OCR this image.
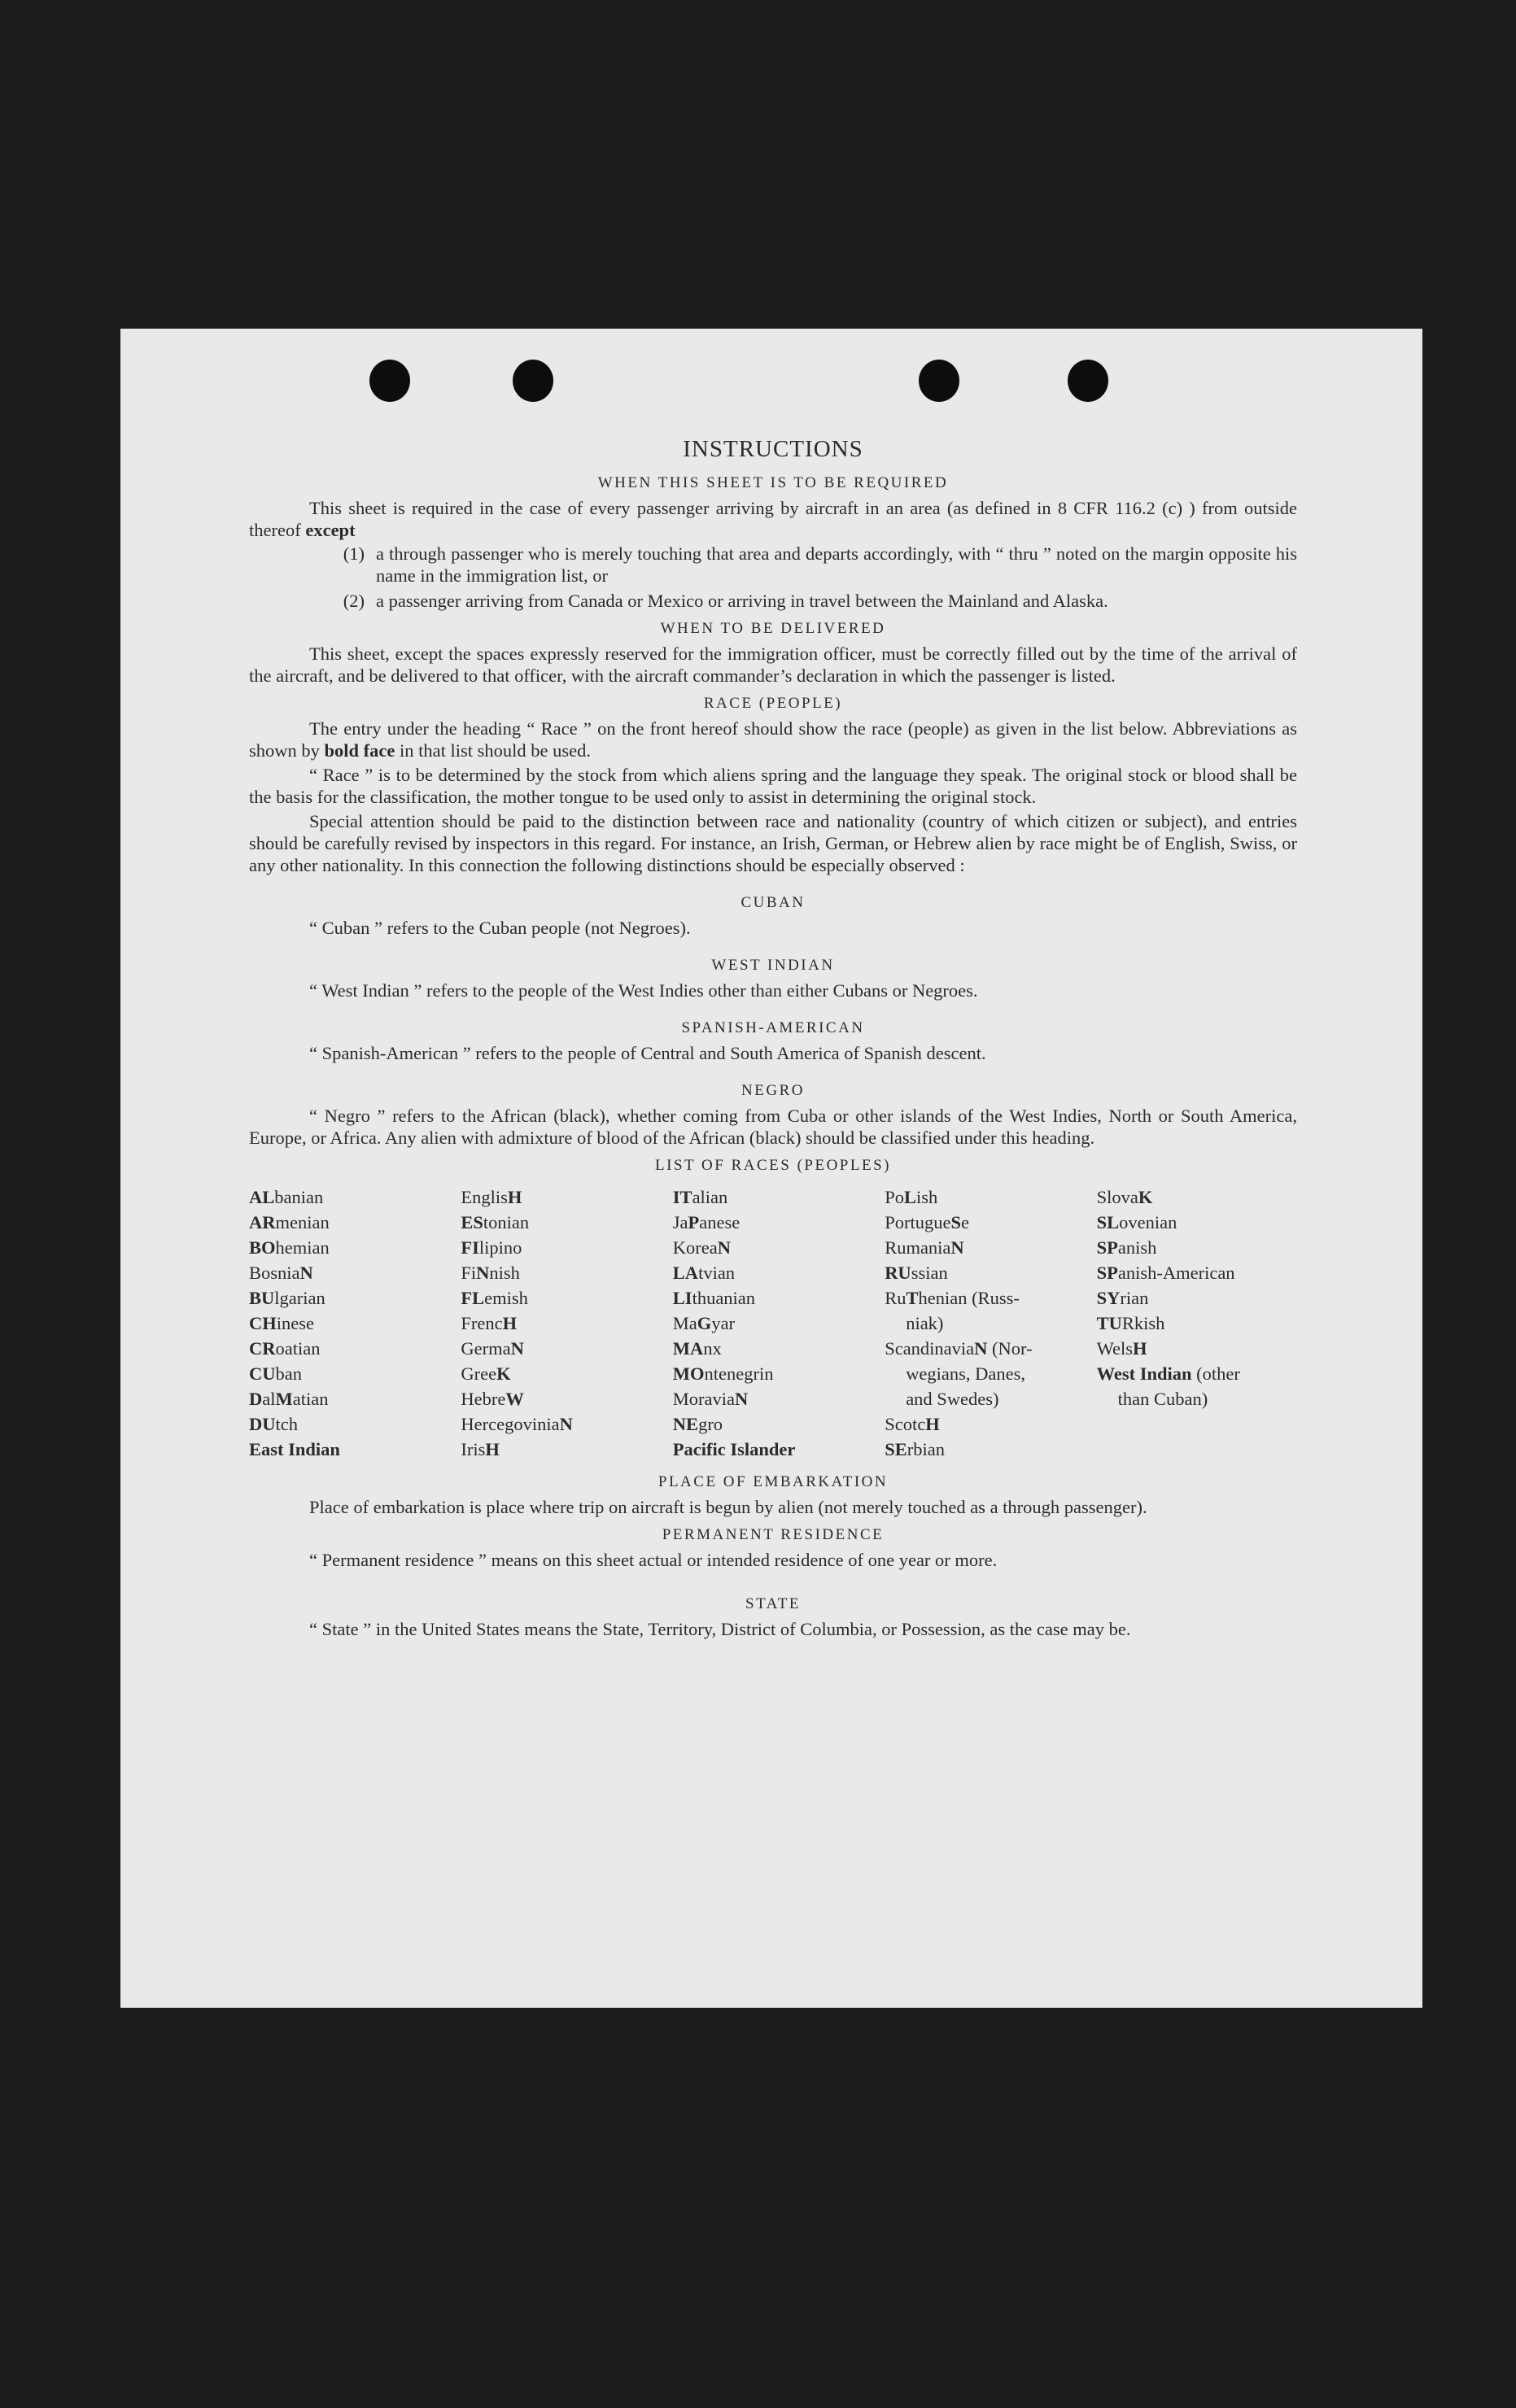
INSTRUCTIONS
WHEN THIS SHEET IS TO BE REQUIRED

This sheet is required in the case of every passenger arriving by aircraft in an area (as defined in 8 CFR 116.2 (c) ) from outside thereof except

(1) a through passenger who is merely touching that area and departs accordingly, with “ thru ” noted on the margin opposite his name in the immigration list, or
(2) a passenger arriving from Canada or Mexico or arriving in travel between the Mainland and Alaska.
WHEN TO BE DELIVERED

This sheet, except the spaces expressly reserved for the immigration officer, must be correctly filled out by the time of the arrival of the aircraft, and be delivered to that officer, with the aircraft commander’s declaration in which the passenger is listed.

RACE (PEOPLE)

The entry under the heading “ Race ” on the front hereof should show the race (people) as given in the list below. Abbreviations as shown by bold face in that list should be used.

“ Race ” is to be determined by the stock from which aliens spring and the language they speak. The original stock or blood shall be the basis for the classification, the mother tongue to be used only to assist in determining the original stock.

Special attention should be paid to the distinction between race and nationality (country of which citizen or subject), and entries should be carefully revised by inspectors in this regard. For instance, an Irish, German, or Hebrew alien by race might be of English, Swiss, or any other nationality. In this connection the following distinctions should be especially observed :

CUBAN

“ Cuban ” refers to the Cuban people (not Negroes).

WEST INDIAN

“ West Indian ” refers to the people of the West Indies other than either Cubans or Negroes.

SPANISH-AMERICAN

“ Spanish-American ” refers to the people of Central and South America of Spanish descent.

NEGRO

“ Negro ” refers to the African (black), whether coming from Cuba or other islands of the West Indies, North or South America, Europe, or Africa. Any alien with admixture of blood of the African (black) should be classified under this heading.

LIST OF RACES (PEOPLES)
ALbanian
ARmenian
BOhemian
BosniaN
BUlgarian
CHinese
CRoatian
CUban
DalMatian
DUtch
East Indian
EnglisH
EStonian
FIlipino
FiNnish
FLemish
FrencH
GermaN
GreeK
HebreW
HercegoviniaN
IrisH
ITalian
JaPanese
KoreaN
LAtvian
LIthuanian
MaGyar
MAnx
MOntenegrin
MoraviaN
NEgro
Pacific Islander
PoLish
PortugueSe
RumaniaN
RUssian
RuThenian (Russ-
niak)
ScandinaviaN (Nor-
wegians, Danes,
and Swedes)
ScotcH
SErbian
SlovaK
SLovenian
SPanish
SPanish-American
SYrian
TURkish
WelsH
West Indian (other
than Cuban)
PLACE OF EMBARKATION

Place of embarkation is place where trip on aircraft is begun by alien (not merely touched as a through passenger).

PERMANENT RESIDENCE

“ Permanent residence ” means on this sheet actual or intended residence of one year or more.

STATE

“ State ” in the United States means the State, Territory, District of Columbia, or Possession, as the case may be.
